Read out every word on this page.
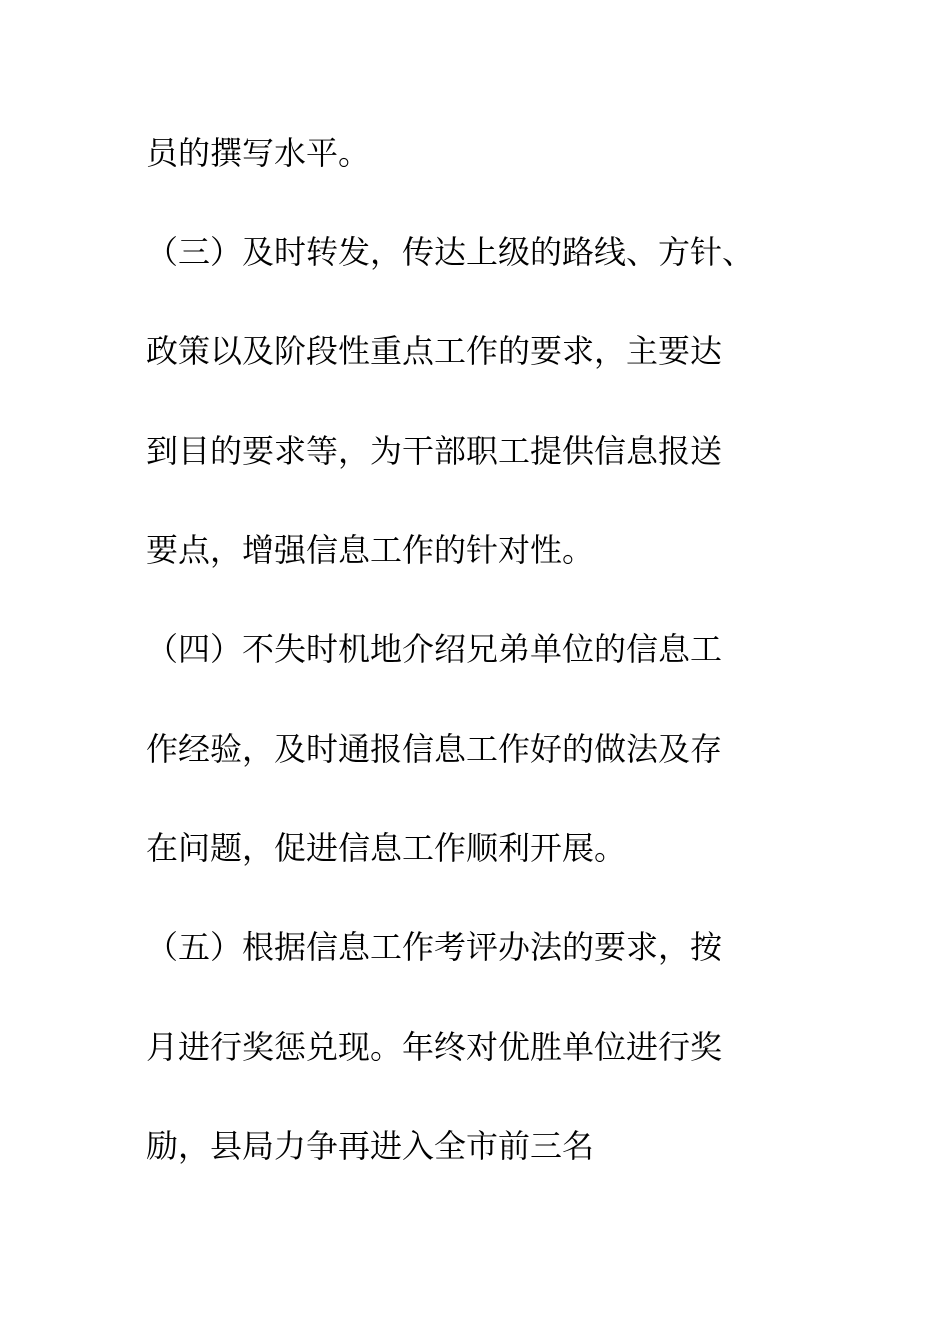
员的撰写水平。
（三）及时转发，传达上级的路线、方针、
政策以及阶段性重点工作的要求，主要达
到目的要求等，为干部职工提供信息报送
要点，增强信息工作的针对性。
（四）不失时机地介绍兄弟单位的信息工
作经验，及时通报信息工作好的做法及存
在问题，促进信息工作顺利开展。
（五）根据信息工作考评办法的要求，按
月进行奖惩兑现。年终对优胜单位进行奖
励，县局力争再进入全市前三名
